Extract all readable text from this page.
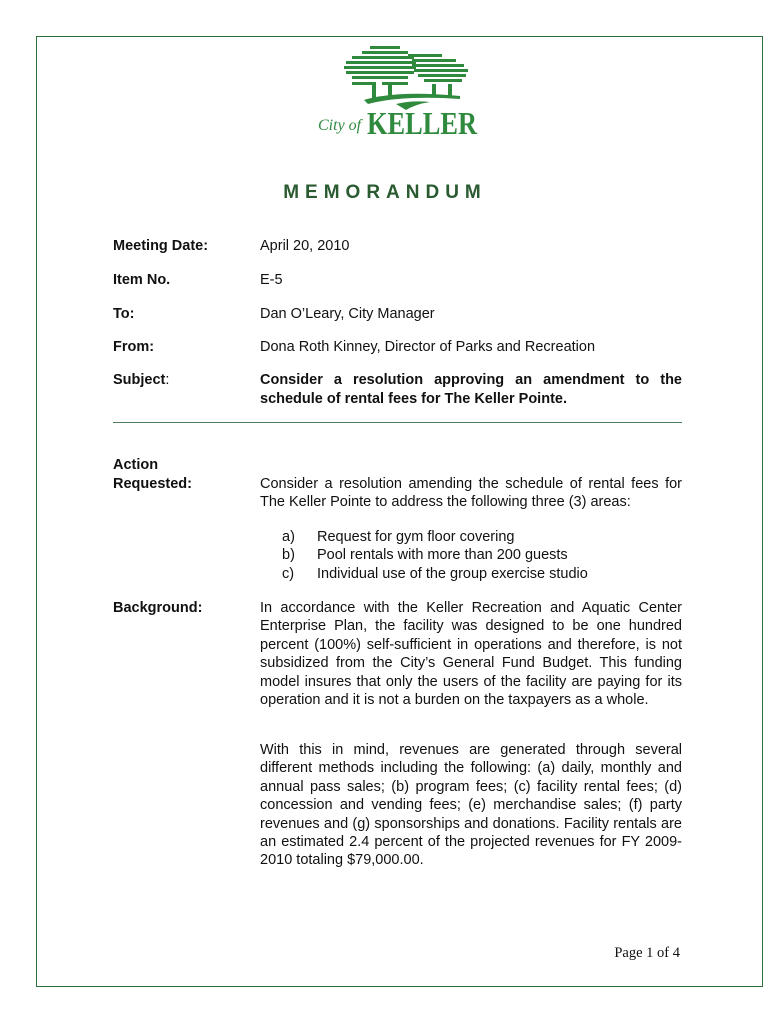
City of KELLER
MEMORANDUM
Meeting Date:	April 20, 2010
Item No.	E-5
To:	Dan O’Leary, City Manager
From:	Dona Roth Kinney, Director of Parks and Recreation
Subject:	Consider a resolution approving an amendment to the schedule of rental fees for The Keller Pointe.
Action
Requested:	Consider a resolution amending the schedule of rental fees for The Keller Pointe to address the following three (3) areas:
a)	Request for gym floor covering
b)	Pool rentals with more than 200 guests
c)	Individual use of the group exercise studio
Background:	In accordance with the Keller Recreation and Aquatic Center Enterprise Plan, the facility was designed to be one hundred percent (100%) self-sufficient in operations and therefore, is not subsidized from the City’s General Fund Budget. This funding model insures that only the users of the facility are paying for its operation and it is not a burden on the taxpayers as a whole.
With this in mind, revenues are generated through several different methods including the following: (a) daily, monthly and annual pass sales; (b) program fees; (c) facility rental fees; (d) concession and vending fees; (e) merchandise sales; (f) party revenues and (g) sponsorships and donations. Facility rentals are an estimated 2.4 percent of the projected revenues for FY 2009-2010 totaling $79,000.00.
Page 1 of 4
